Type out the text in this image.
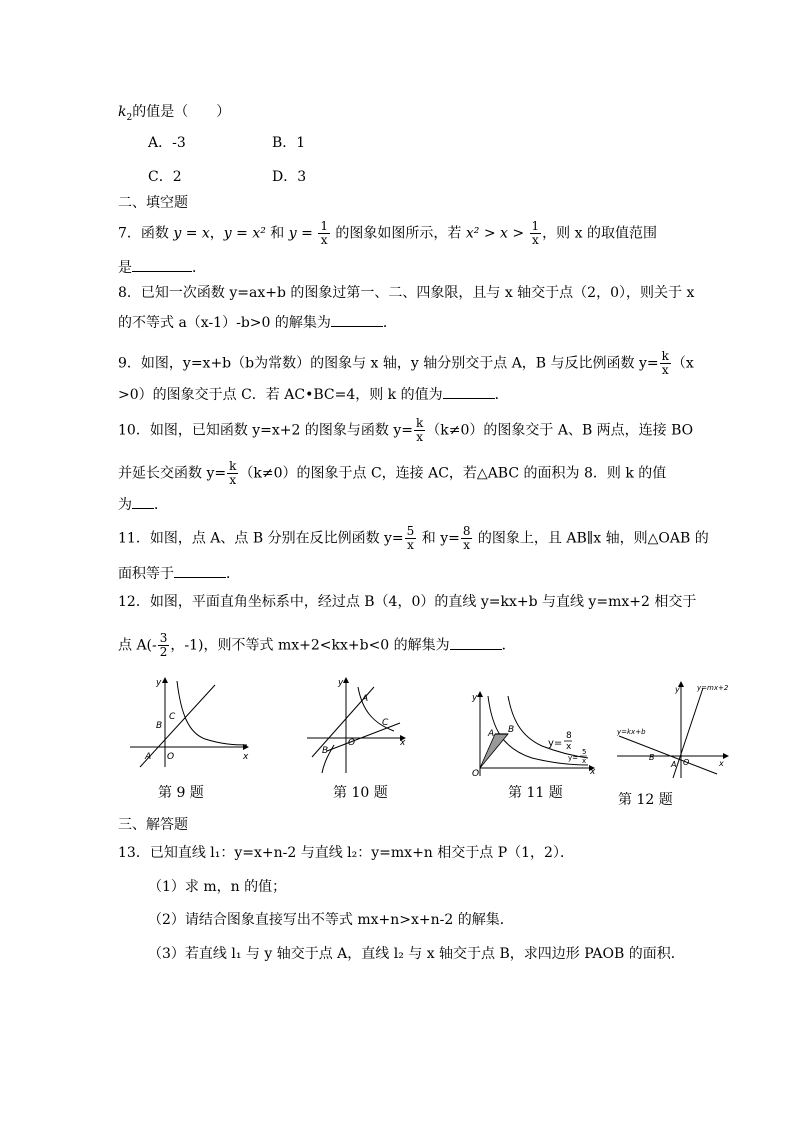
$k_2$的值是（　　）
A．-3	B．1
C．2	D．3
二、填空题
7．函数 y = x，y = x² 和 $y = \frac{1}{x}$ 的图象如图所示，若 $x^2 > x > \frac{1}{x}$ ，则 x 的取值范围
是	．
8．已知一次函数 y=ax+b 的图象过第一、二、四象限，且与 x 轴交于点（2，0），则关于 x
的不等式 a（x-1）-b>0 的解集为	．
9．如图，y=x+b（b为常数）的图象与 x 轴，y 轴分别交于点 A，B 与反比例函数 $y= \frac{k}{x} (x$
>0）的图象交于点 C．若 AC•BC=4，则 k 的值为	．
10．如图，已知函数 y=x+2 的图象与函数 $y= \frac{k}{x} (k\ne 0)$的图象交于 A、B 两点，连接 BO
并延长交函数 $y= \frac{k}{x} (k\ne 0)$的图象于点 C，连接 AC，若△ABC 的面积为 8．则 k 的值
为 ．
11．如图，点 A、点 B 分别在反比例函数 $y= \frac{5}{x}$ 和 $y= \frac{8}{x}$ 的图象上，且 AB∥x 轴，则△OAB 的
面积等于	．
12．如图，平面直角坐标系中，经过点 B（4，0）的直线 y=kx+b 与直线 y=mx+2 相交于
点 $A(- \frac{3}{2}$ ，-1)，则不等式 mx+2<kx+b<0 的解集为	．
y
x
O
A
B
C
第 9 题
y
x
O
A
B
C
第 10 题
y
x
O
A B
y=
8
x
y=
5
x
第 11 题
y
x
y=mx+2
y=kx+b
B
A O
第 12 题
三、解答题
13．已知直线 l₁：y=x+n-2 与直线 l₂：y=mx+n 相交于点 P（1，2）．
（1）求 m，n 的值；
（2）请结合图象直接写出不等式 mx+n>x+n-2 的解集．
（3）若直线 l₁ 与 y 轴交于点 A，直线 l₂ 与 x 轴交于点 B，求四边形 PAOB 的面积．
